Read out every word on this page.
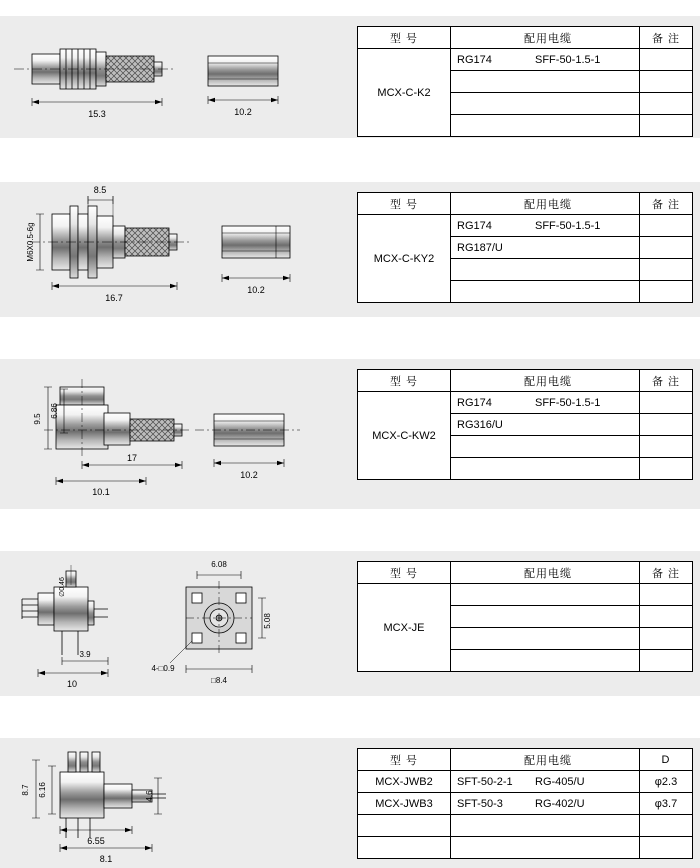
15.3	10.2
型 号	配用电缆	备 注
MCX-C-K2	RG174 SFF-50-1.5-1	

8.5
M6X0.5-6g
16.7
10.2
型 号	配用电缆	备 注
MCX-C-KY2	RG174 SFF-50-1.5-1	

	RG187/U	

9.5
6.86
17
10.1
10.2
型 号	配用电缆	备 注
MCX-C-KW2	RG174 SFF-50-1.5-1	

	RG316/U	

∅0.46
3.9
10
6.08
5.08
4-□0.9
□8.4
型 号	配用电缆	备 注
MCX-JE		

8.7 6.16	4.6
6.55
8.1
型 号	配用电缆	D
MCX-JWB2	SFT-50-2-1 RG-405/U	φ2.3
MCX-JWB3	SFT-50-3 RG-402/U	φ3.7
